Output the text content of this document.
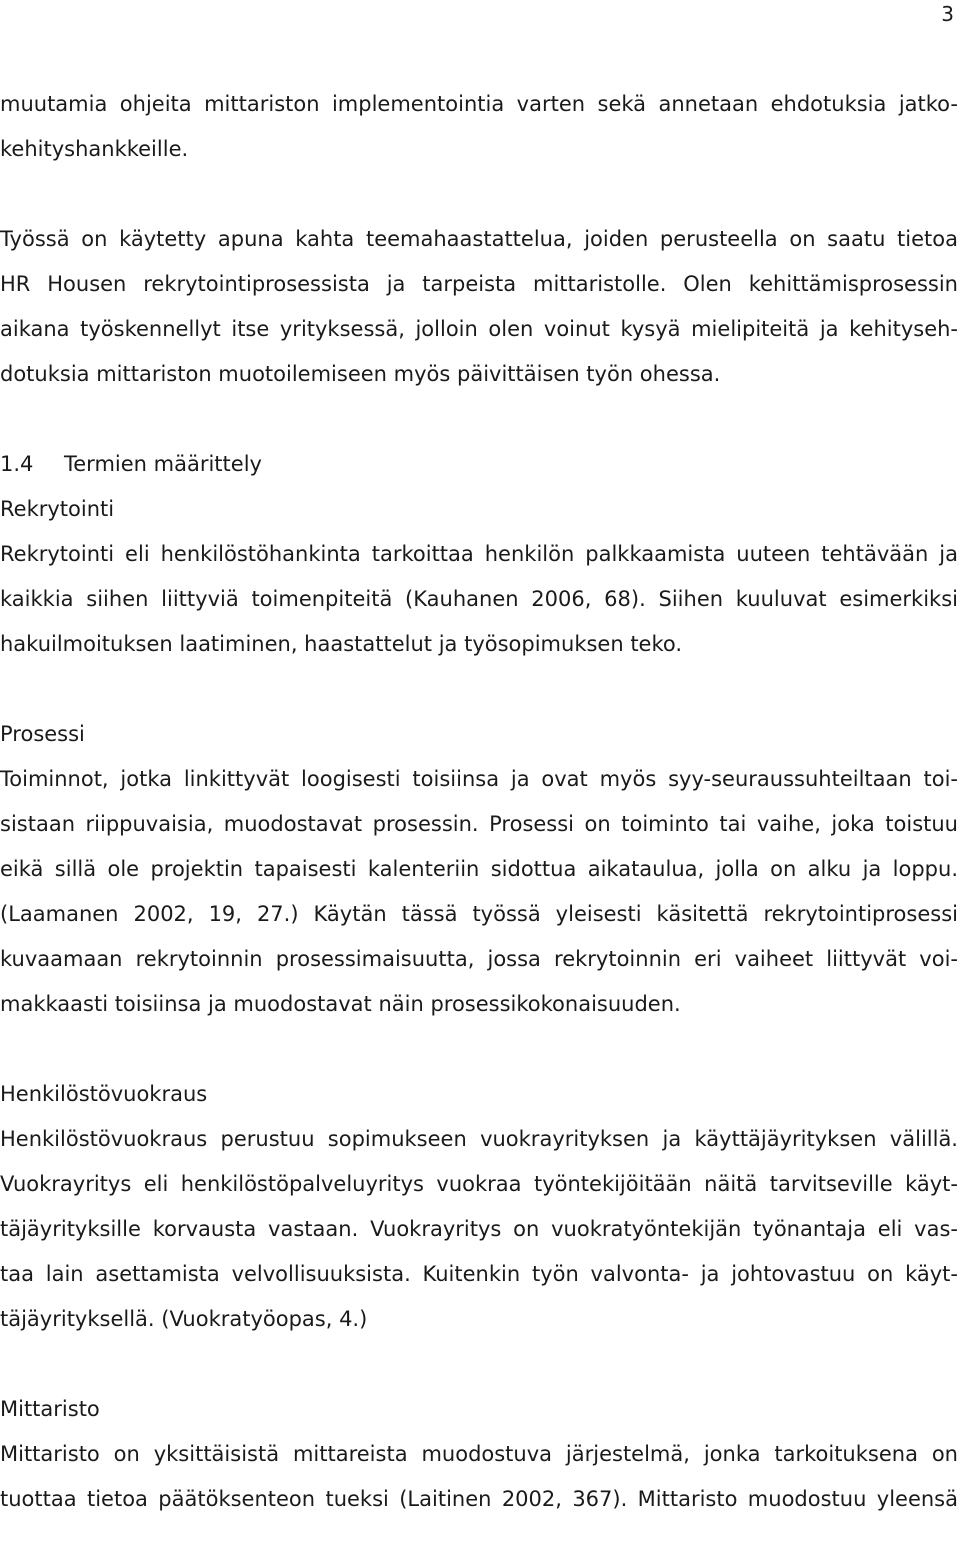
3
muutamia ohjeita mittariston implementointia varten sekä annetaan ehdotuksia jatko-
kehityshankkeille.
Työssä on käytetty apuna kahta teemahaastattelua, joiden perusteella on saatu tietoa
HR Housen rekrytointiprosessista ja tarpeista mittaristolle. Olen kehittämisprosessin
aikana työskennellyt itse yrityksessä, jolloin olen voinut kysyä mielipiteitä ja kehityseh-
dotuksia mittariston muotoilemiseen myös päivittäisen työn ohessa.
1.4 Termien määrittely
Rekrytointi
Rekrytointi eli henkilöstöhankinta tarkoittaa henkilön palkkaamista uuteen tehtävään ja
kaikkia siihen liittyviä toimenpiteitä (Kauhanen 2006, 68). Siihen kuuluvat esimerkiksi
hakuilmoituksen laatiminen, haastattelut ja työsopimuksen teko.
Prosessi
Toiminnot, jotka linkittyvät loogisesti toisiinsa ja ovat myös syy-seuraussuhteiltaan toi-
sistaan riippuvaisia, muodostavat prosessin. Prosessi on toiminto tai vaihe, joka toistuu
eikä sillä ole projektin tapaisesti kalenteriin sidottua aikataulua, jolla on alku ja loppu.
(Laamanen 2002, 19, 27.) Käytän tässä työssä yleisesti käsitettä rekrytointiprosessi
kuvaamaan rekrytoinnin prosessimaisuutta, jossa rekrytoinnin eri vaiheet liittyvät voi-
makkaasti toisiinsa ja muodostavat näin prosessikokonaisuuden.
Henkilöstövuokraus
Henkilöstövuokraus perustuu sopimukseen vuokrayrityksen ja käyttäjäyrityksen välillä.
Vuokrayritys eli henkilöstöpalveluyritys vuokraa työntekijöitään näitä tarvitseville käyt-
täjäyrityksille korvausta vastaan. Vuokrayritys on vuokratyöntekijän työnantaja eli vas-
taa lain asettamista velvollisuuksista. Kuitenkin työn valvonta- ja johtovastuu on käyt-
täjäyrityksellä. (Vuokratyöopas, 4.)
Mittaristo
Mittaristo on yksittäisistä mittareista muodostuva järjestelmä, jonka tarkoituksena on
tuottaa tietoa päätöksenteon tueksi (Laitinen 2002, 367). Mittaristo muodostuu yleensä
